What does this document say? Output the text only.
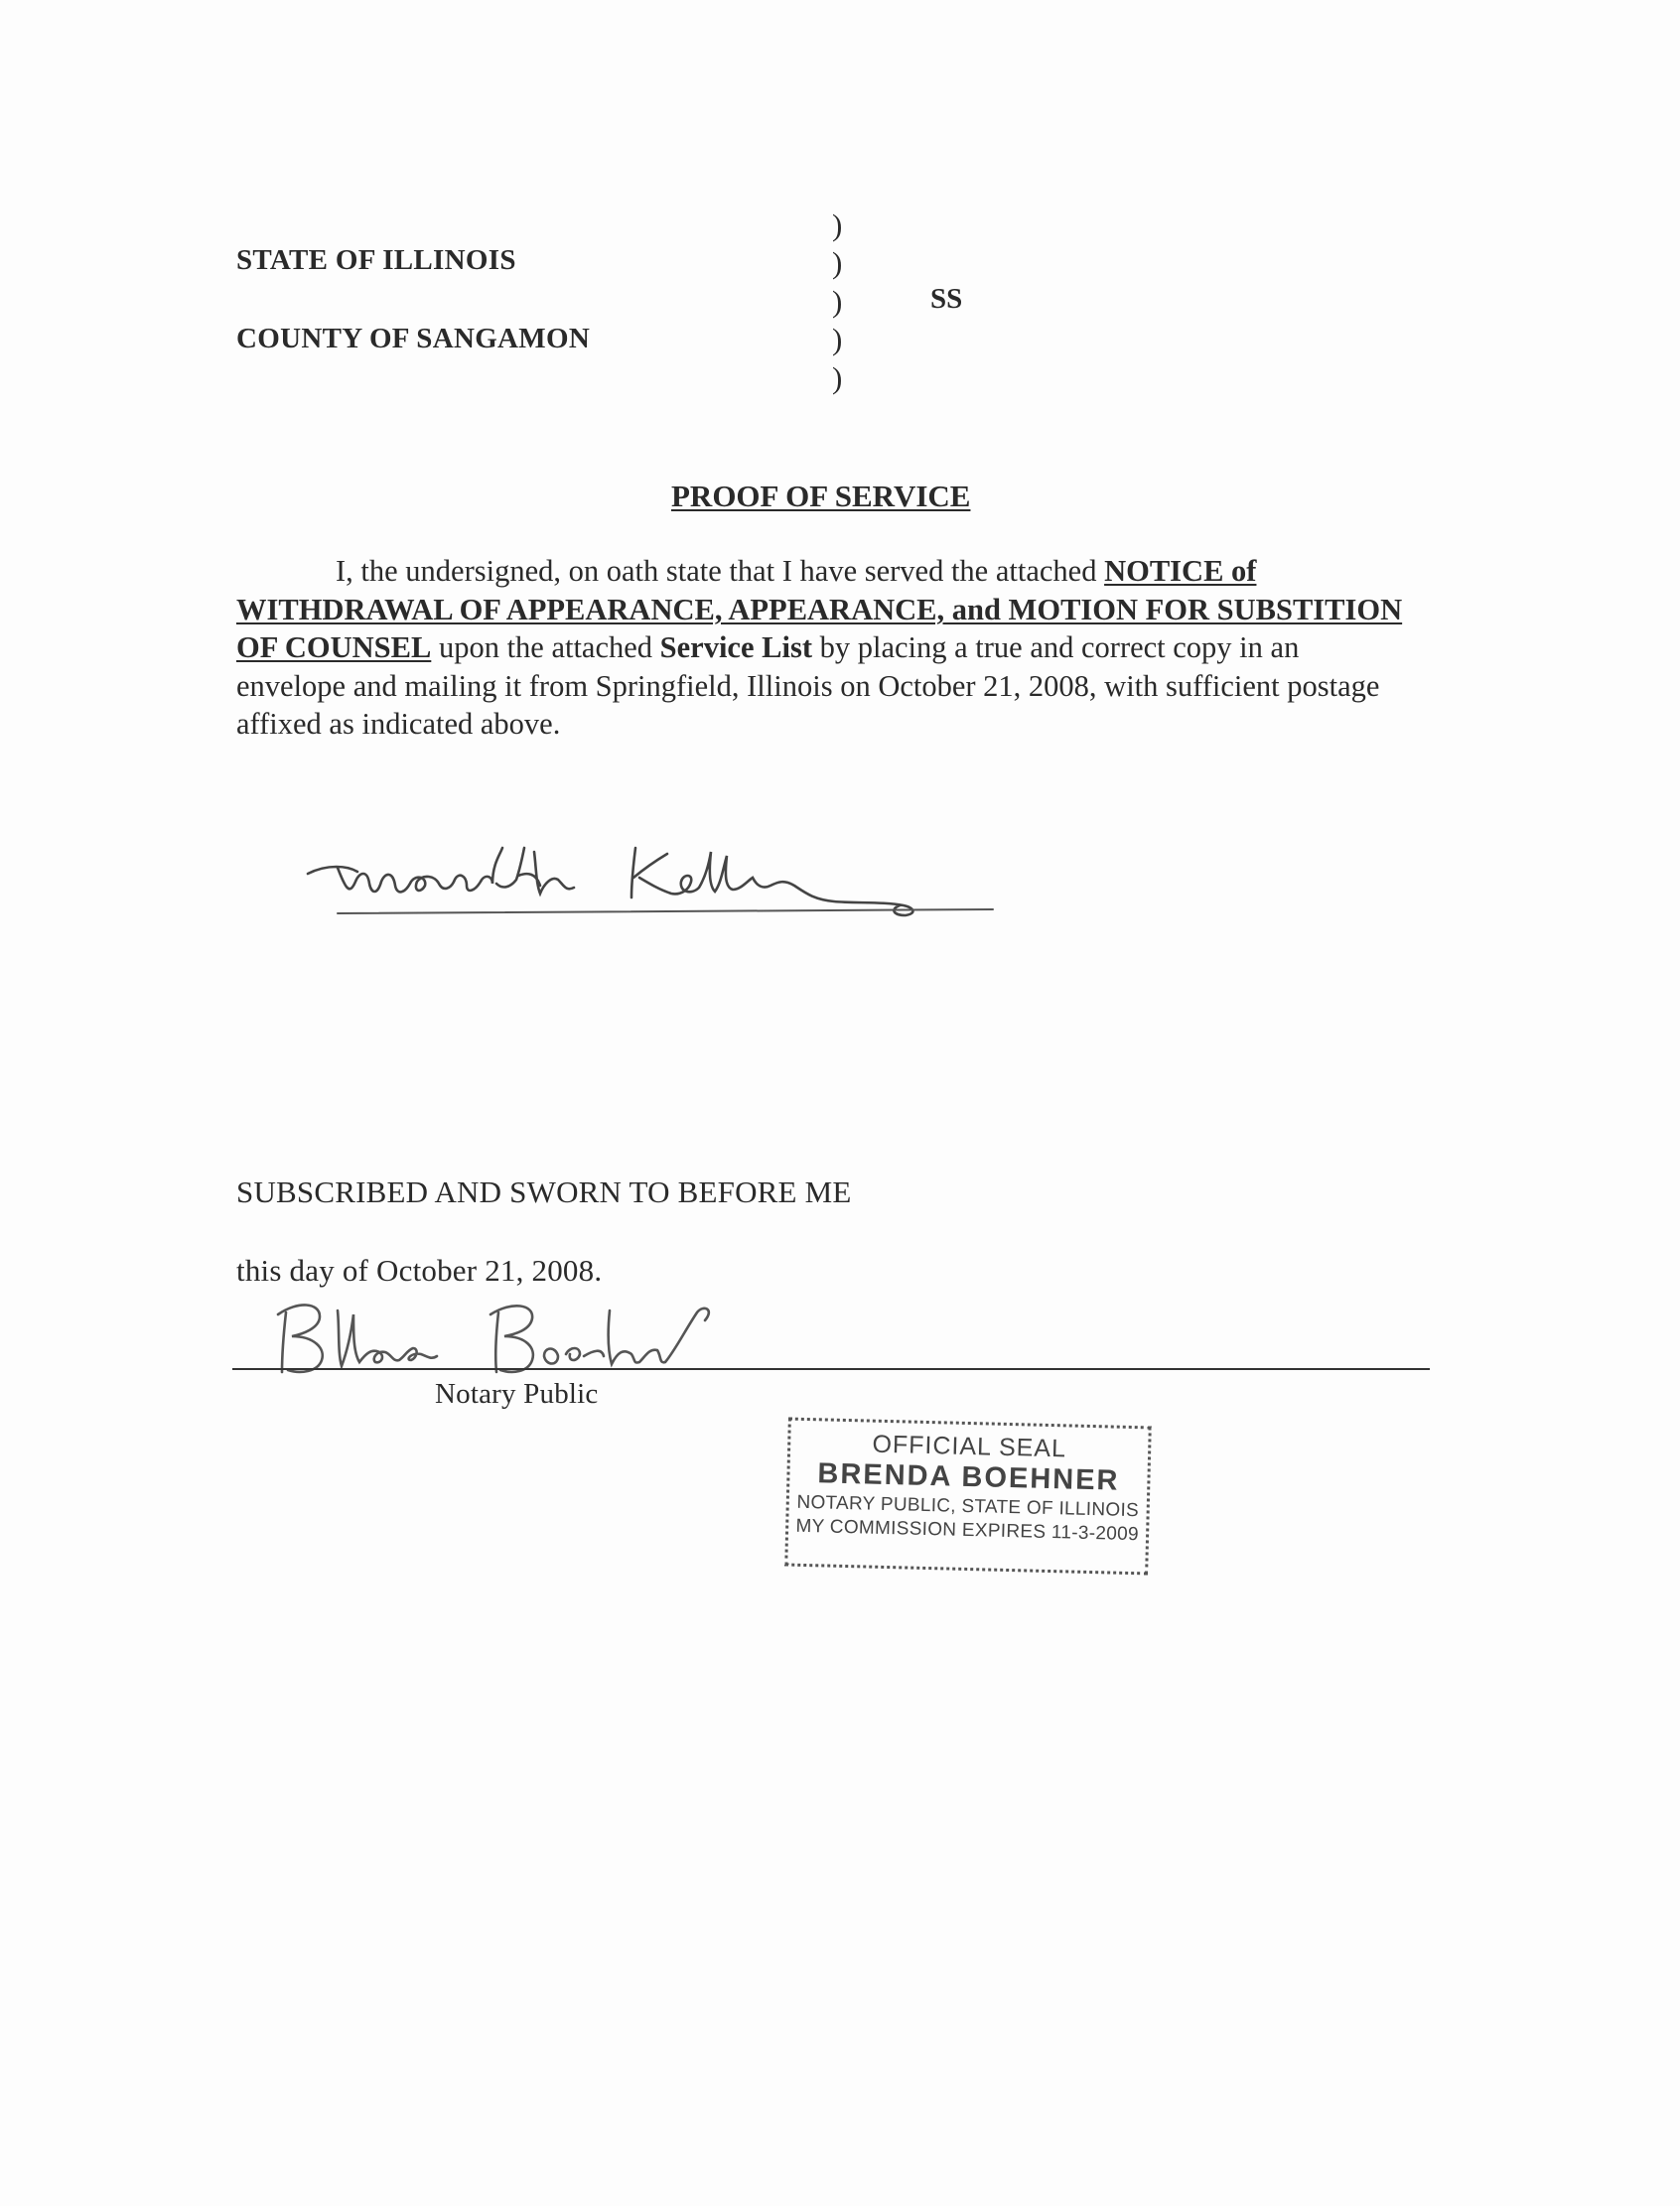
STATE OF ILLINOIS
COUNTY OF SANGAMON
)
)
)
)
)
SS
PROOF OF SERVICE
I, the undersigned, on oath state that I have served the attached NOTICE of WITHDRAWAL OF APPEARANCE, APPEARANCE, and MOTION FOR SUBSTITION OF COUNSEL upon the attached Service List by placing a true and correct copy in an envelope and mailing it from Springfield, Illinois on October 21, 2008, with sufficient postage affixed as indicated above.
SUBSCRIBED AND SWORN TO BEFORE ME
this day of October 21, 2008.
Notary Public
OFFICIAL SEAL
BRENDA BOEHNER
NOTARY PUBLIC, STATE OF ILLINOIS
MY COMMISSION EXPIRES 11-3-2009
